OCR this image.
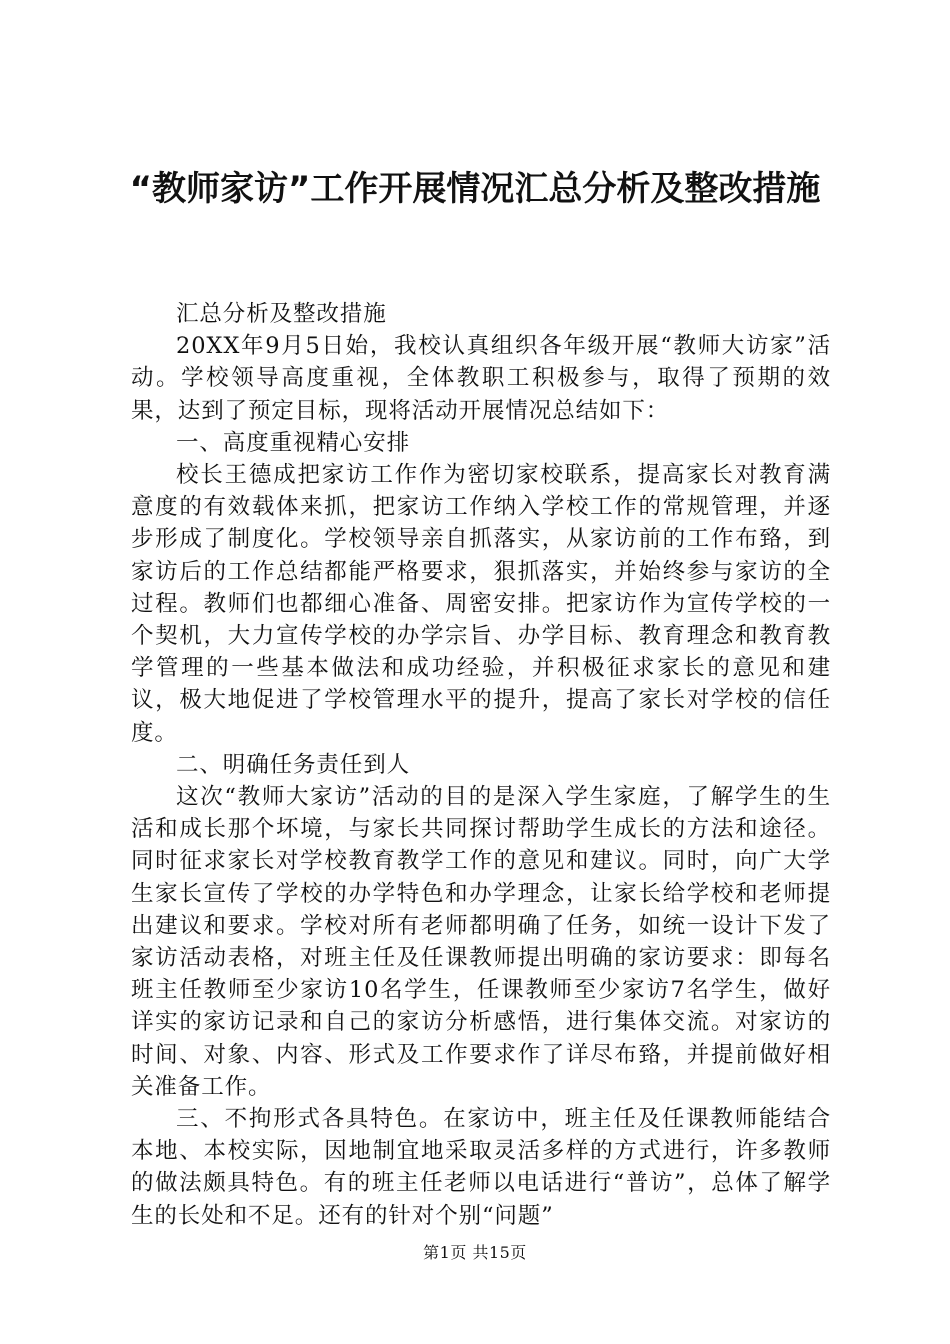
“教师家访”工作开展情况汇总分析及整改措施

汇总分析及整改措施

20XX年9月5日始，我校认真组织各年级开展“教师大访家”活动。学校领导高度重视，全体教职工积极参与，取得了预期的效果，达到了预定目标，现将活动开展情况总结如下：

一、高度重视精心安排

校长王德成把家访工作作为密切家校联系，提高家长对教育满意度的有效载体来抓，把家访工作纳入学校工作的常规管理，并逐步形成了制度化。学校领导亲自抓落实，从家访前的工作布臵，到家访后的工作总结都能严格要求，狠抓落实，并始终参与家访的全过程。教师们也都细心准备、周密安排。把家访作为宣传学校的一个契机，大力宣传学校的办学宗旨、办学目标、教育理念和教育教学管理的一些基本做法和成功经验，并积极征求家长的意见和建议，极大地促进了学校管理水平的提升，提高了家长对学校的信任度。

二、明确任务责任到人

这次“教师大家访”活动的目的是深入学生家庭，了解学生的生活和成长那个坏境，与家长共同探讨帮助学生成长的方法和途径。同时征求家长对学校教育教学工作的意见和建议。同时，向广大学生家长宣传了学校的办学特色和办学理念，让家长给学校和老师提出建议和要求。学校对所有老师都明确了任务，如统一设计下发了家访活动表格，对班主任及任课教师提出明确的家访要求：即每名班主任教师至少家访10名学生，任课教师至少家访7名学生，做好详实的家访记录和自己的家访分析感悟，进行集体交流。对家访的时间、对象、内容、形式及工作要求作了详尽布臵，并提前做好相关准备工作。

三、不拘形式各具特色。在家访中，班主任及任课教师能结合本地、本校实际，因地制宜地采取灵活多样的方式进行，许多教师的做法颇具特色。有的班主任老师以电话进行“普访”，总体了解学生的长处和不足。还有的针对个别“问题”

第1页 共15页
